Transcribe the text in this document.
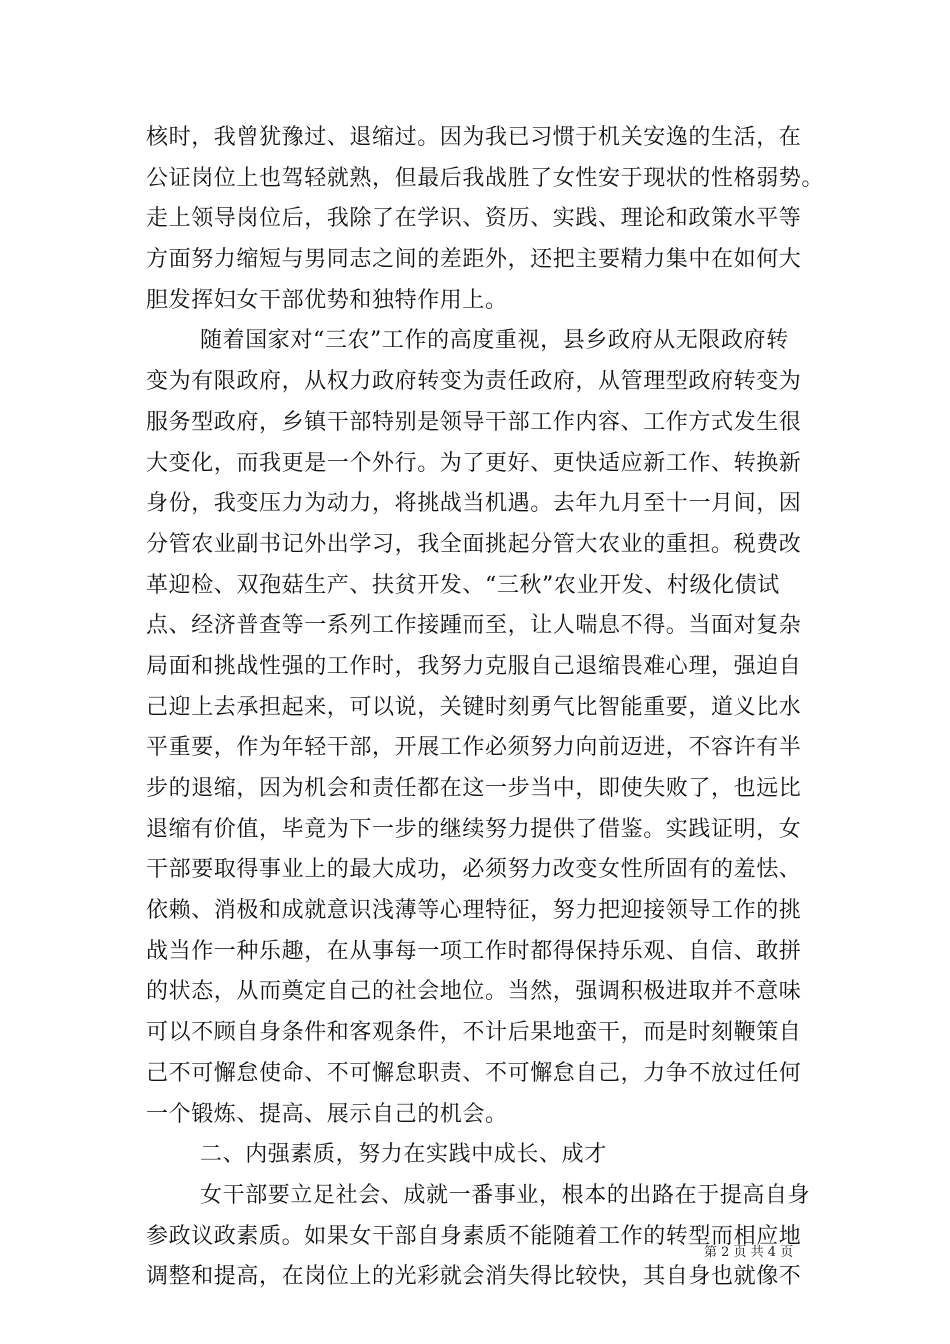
核时，我曾犹豫过、退缩过。因为我已习惯于机关安逸的生活，在
公证岗位上也驾轻就熟，但最后我战胜了女性安于现状的性格弱势。
走上领导岗位后，我除了在学识、资历、实践、理论和政策水平等
方面努力缩短与男同志之间的差距外，还把主要精力集中在如何大
胆发挥妇女干部优势和独特作用上。
随着国家对“三农”工作的高度重视，县乡政府从无限政府转
变为有限政府，从权力政府转变为责任政府，从管理型政府转变为
服务型政府，乡镇干部特别是领导干部工作内容、工作方式发生很
大变化，而我更是一个外行。为了更好、更快适应新工作、转换新
身份，我变压力为动力，将挑战当机遇。去年九月至十一月间，因
分管农业副书记外出学习，我全面挑起分管大农业的重担。税费改
革迎检、双孢菇生产、扶贫开发、“三秋”农业开发、村级化债试
点、经济普查等一系列工作接踵而至，让人喘息不得。当面对复杂
局面和挑战性强的工作时，我努力克服自己退缩畏难心理，强迫自
己迎上去承担起来，可以说，关键时刻勇气比智能重要，道义比水
平重要，作为年轻干部，开展工作必须努力向前迈进，不容许有半
步的退缩，因为机会和责任都在这一步当中，即使失败了，也远比
退缩有价值，毕竟为下一步的继续努力提供了借鉴。实践证明，女
干部要取得事业上的最大成功，必须努力改变女性所固有的羞怯、
依赖、消极和成就意识浅薄等心理特征，努力把迎接领导工作的挑
战当作一种乐趣，在从事每一项工作时都得保持乐观、自信、敢拼
的状态，从而奠定自己的社会地位。当然，强调积极进取并不意味
可以不顾自身条件和客观条件，不计后果地蛮干，而是时刻鞭策自
己不可懈怠使命、不可懈怠职责、不可懈怠自己，力争不放过任何
一个锻炼、提高、展示自己的机会。
二、内强素质，努力在实践中成长、成才
女干部要立足社会、成就一番事业，根本的出路在于提高自身
参政议政素质。如果女干部自身素质不能随着工作的转型而相应地
调整和提高，在岗位上的光彩就会消失得比较快，其自身也就像不
第 2 页 共 4 页
